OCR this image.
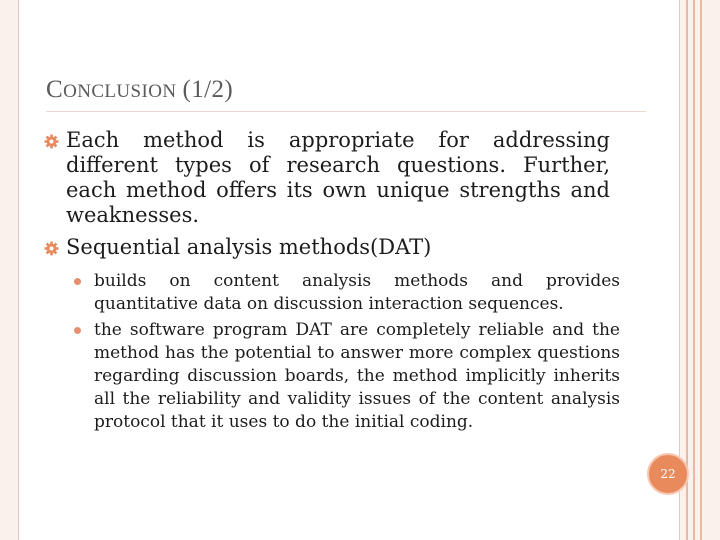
CONCLUSION (1/2)
Each method is appropriate for addressing different types of research questions. Further, each method offers its own unique strengths and weaknesses.
Sequential analysis methods(DAT)
builds on content analysis methods and provides quantitative data on discussion interaction sequences.
the software program DAT are completely reliable and the method has the potential to answer more complex questions regarding discussion boards, the method implicitly inherits all the reliability and validity issues of the content analysis protocol that it uses to do the initial coding.
22
